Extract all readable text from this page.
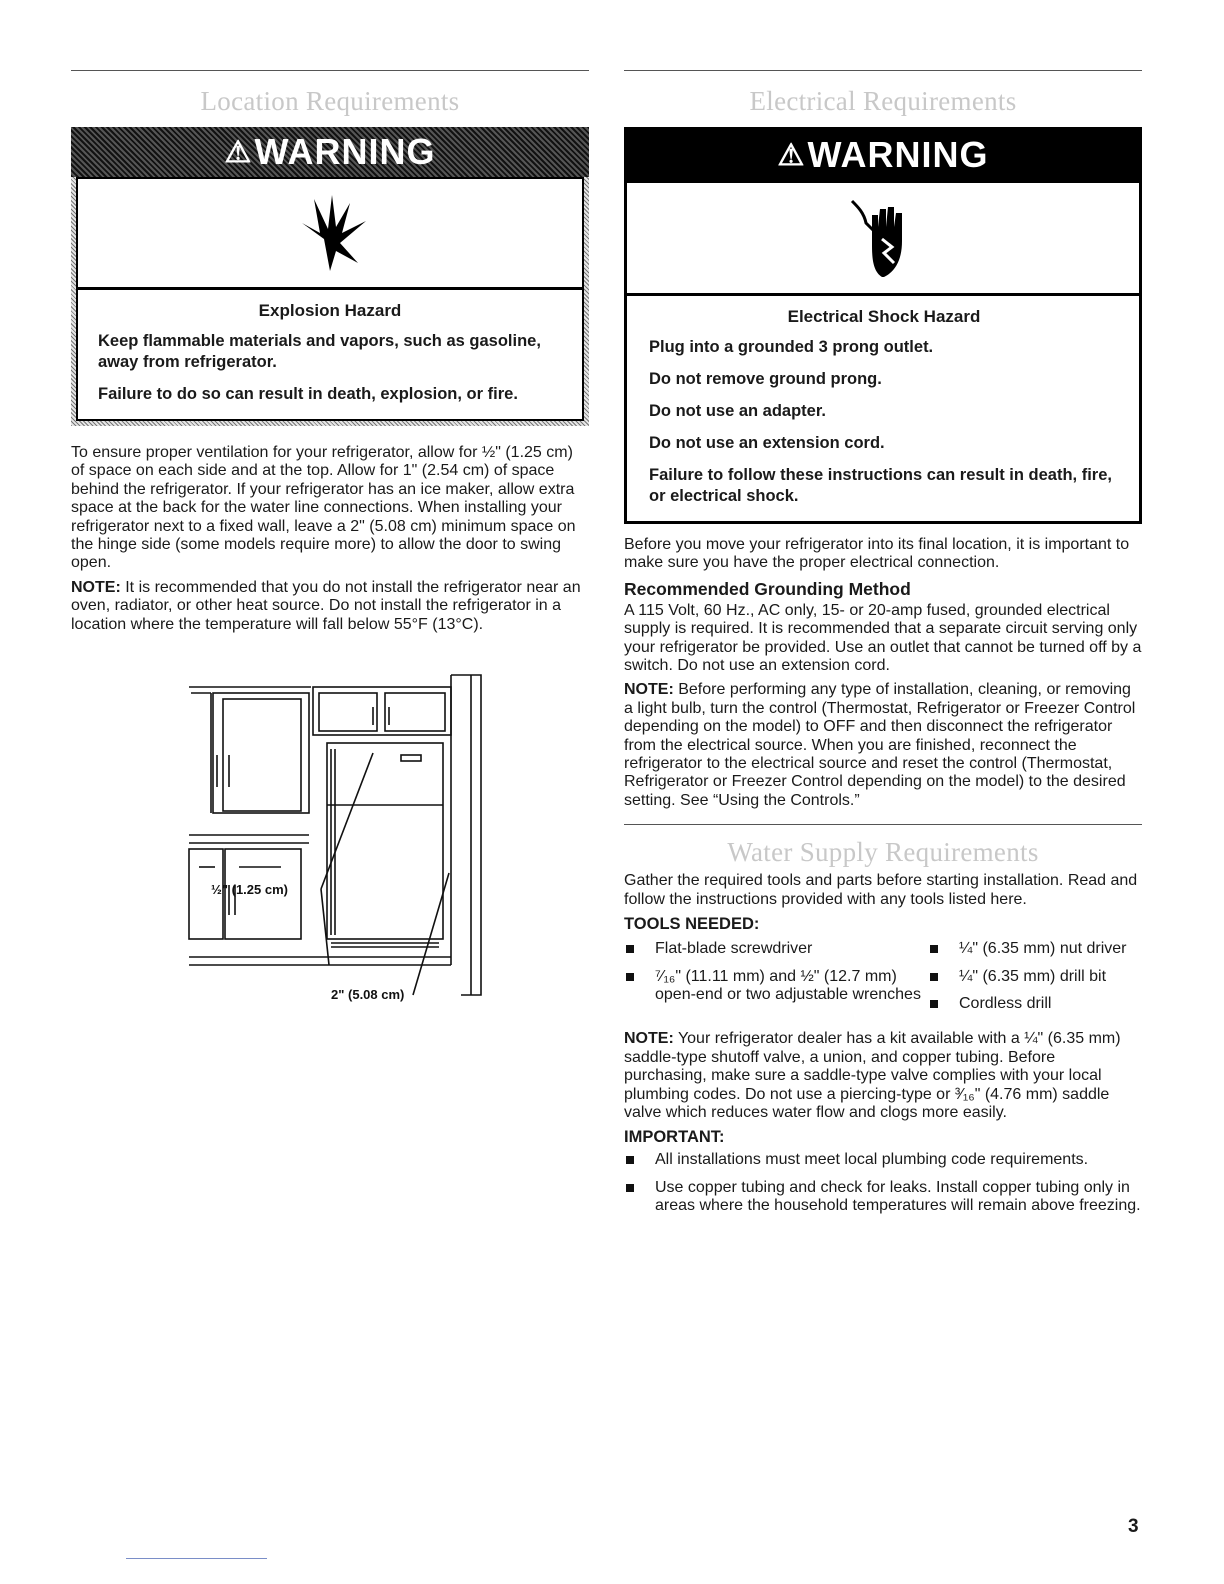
Location Requirements
⚠ WARNING
Explosion Hazard

Keep flammable materials and vapors, such as gasoline, away from refrigerator.

Failure to do so can result in death, explosion, or fire.

To ensure proper ventilation for your refrigerator, allow for ½" (1.25 cm) of space on each side and at the top. Allow for 1" (2.54 cm) of space behind the refrigerator. If your refrigerator has an ice maker, allow extra space at the back for the water line connections. When installing your refrigerator next to a fixed wall, leave a 2" (5.08 cm) minimum space on the hinge side (some models require more) to allow the door to swing open.

NOTE: It is recommended that you do not install the refrigerator near an oven, radiator, or other heat source. Do not install the refrigerator in a location where the temperature will fall below 55°F (13°C).

½" (1.25 cm)
2" (5.08 cm)
Electrical Requirements
⚠ WARNING
Electrical Shock Hazard

Plug into a grounded 3 prong outlet.

Do not remove ground prong.

Do not use an adapter.

Do not use an extension cord.

Failure to follow these instructions can result in death, fire, or electrical shock.

Before you move your refrigerator into its final location, it is important to make sure you have the proper electrical connection.

Recommended Grounding Method

A 115 Volt, 60 Hz., AC only, 15- or 20-amp fused, grounded electrical supply is required. It is recommended that a separate circuit serving only your refrigerator be provided. Use an outlet that cannot be turned off by a switch. Do not use an extension cord.

NOTE: Before performing any type of installation, cleaning, or removing a light bulb, turn the control (Thermostat, Refrigerator or Freezer Control depending on the model) to OFF and then disconnect the refrigerator from the electrical source. When you are finished, reconnect the refrigerator to the electrical source and reset the control (Thermostat, Refrigerator or Freezer Control depending on the model) to the desired setting. See “Using the Controls.”

Water Supply Requirements

Gather the required tools and parts before starting installation. Read and follow the instructions provided with any tools listed here.

TOOLS NEEDED:
Flat-blade screwdriver
⁷⁄₁₆" (11.11 mm) and ½" (12.7 mm) open-end or two adjustable wrenches
¼" (6.35 mm) nut driver
¼" (6.35 mm) drill bit
Cordless drill

NOTE: Your refrigerator dealer has a kit available with a ¼" (6.35 mm) saddle-type shutoff valve, a union, and copper tubing. Before purchasing, make sure a saddle-type valve complies with your local plumbing codes. Do not use a piercing-type or ³⁄₁₆" (4.76 mm) saddle valve which reduces water flow and clogs more easily.

IMPORTANT:
All installations must meet local plumbing code requirements.
Use copper tubing and check for leaks. Install copper tubing only in areas where the household temperatures will remain above freezing.
3
